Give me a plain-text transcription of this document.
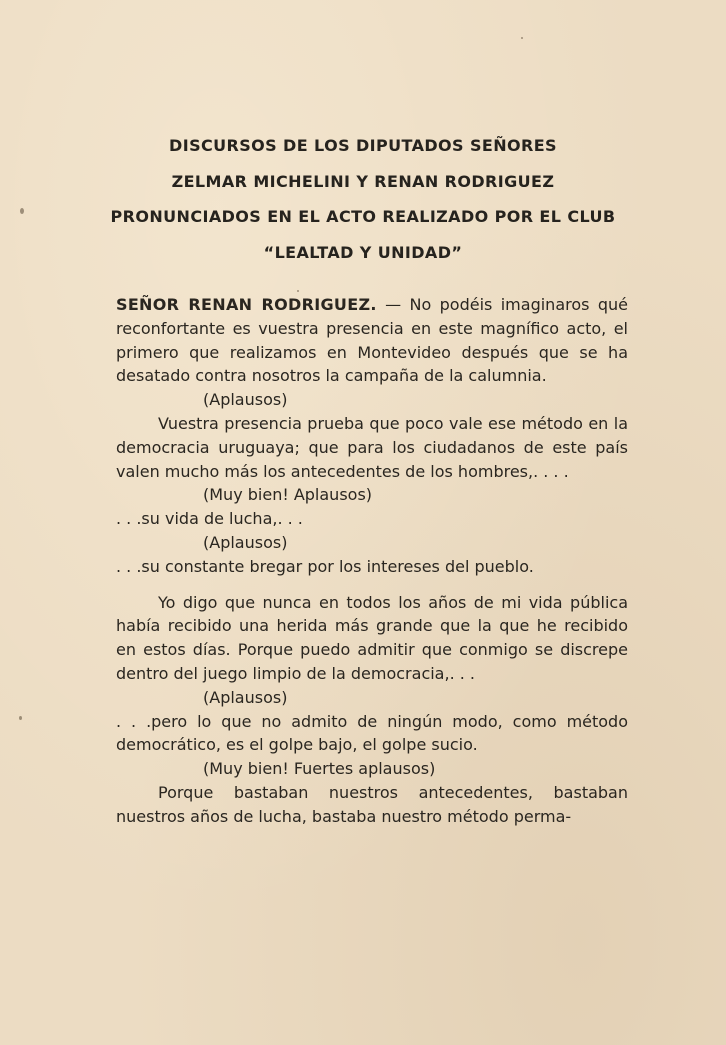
DISCURSOS DE LOS DIPUTADOS SEÑORES
ZELMAR MICHELINI Y RENAN RODRIGUEZ
PRONUNCIADOS EN EL ACTO REALIZADO POR EL CLUB
“LEALTAD Y UNIDAD”

SEÑOR RENAN RODRIGUEZ. — No podéis imaginaros qué reconfortante es vuestra presencia en este magnífico acto, el primero que realizamos en Montevideo después que se ha desatado contra nosotros la campaña de la calumnia.

(Aplausos)

Vuestra presencia prueba que poco vale ese método en la democracia uruguaya; que para los ciudadanos de este país valen mucho más los antecedentes de los hombres,. . . .

(Muy bien! Aplausos)

. . .su vida de lucha,. . .

(Aplausos)

. . .su constante bregar por los intereses del pueblo.

Yo digo que nunca en todos los años de mi vida pública había recibido una herida más grande que la que he recibido en estos días. Porque puedo admitir que conmigo se discrepe dentro del juego limpio de la democracia,. . .

(Aplausos)

. . .pero lo que no admito de ningún modo, como método democrático, es el golpe bajo, el golpe sucio.

(Muy bien! Fuertes aplausos)

Porque bastaban nuestros antecedentes, bastaban nuestros años de lucha, bastaba nuestro método perma-
